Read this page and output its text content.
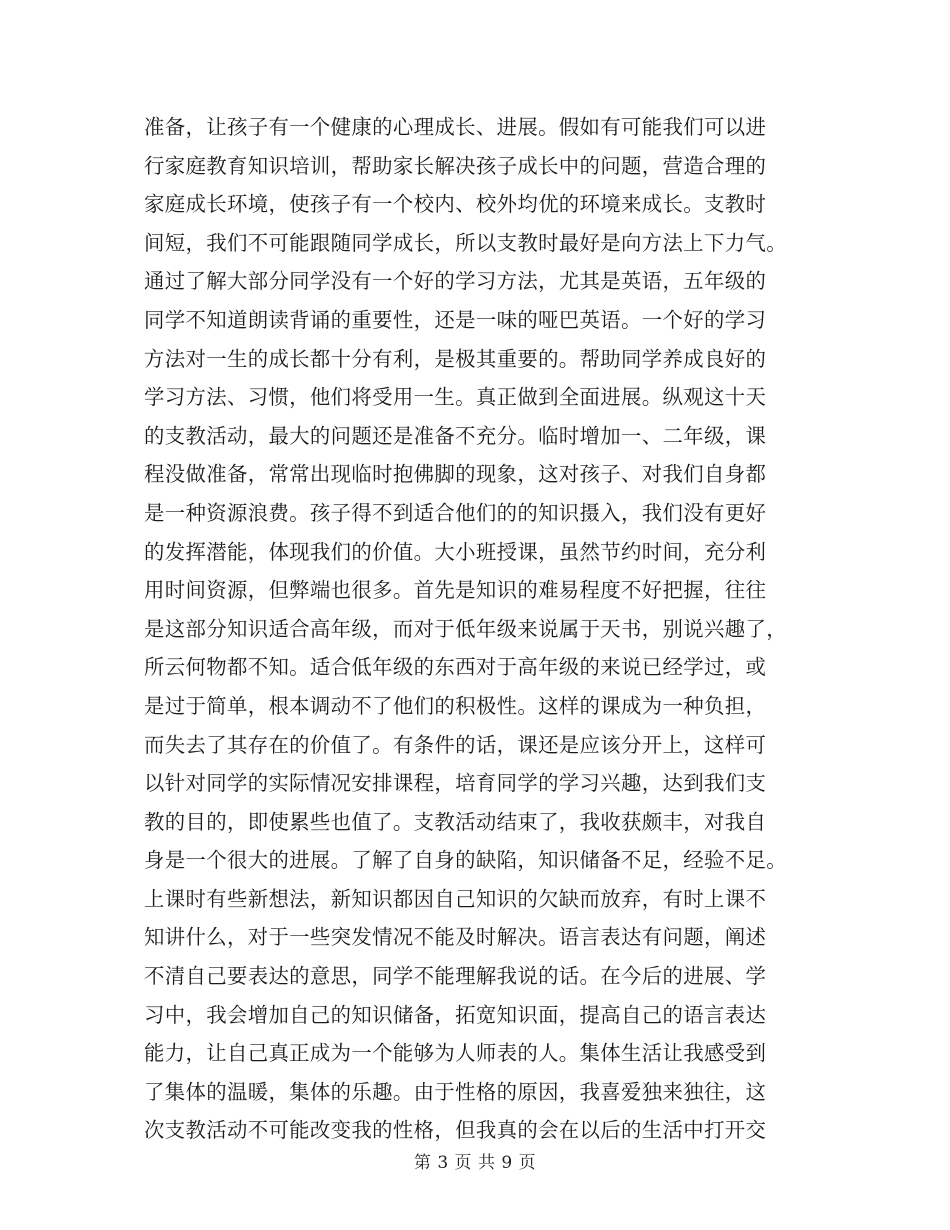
准备，让孩子有一个健康的心理成长、进展。假如有可能我们可以进
行家庭教育知识培训，帮助家长解决孩子成长中的问题，营造合理的
家庭成长环境，使孩子有一个校内、校外均优的环境来成长。支教时
间短，我们不可能跟随同学成长，所以支教时最好是向方法上下力气。
通过了解大部分同学没有一个好的学习方法，尤其是英语，五年级的
同学不知道朗读背诵的重要性，还是一味的哑巴英语。一个好的学习
方法对一生的成长都十分有利，是极其重要的。帮助同学养成良好的
学习方法、习惯，他们将受用一生。真正做到全面进展。纵观这十天
的支教活动，最大的问题还是准备不充分。临时增加一、二年级，课
程没做准备，常常出现临时抱佛脚的现象，这对孩子、对我们自身都
是一种资源浪费。孩子得不到适合他们的的知识摄入，我们没有更好
的发挥潜能，体现我们的价值。大小班授课，虽然节约时间，充分利
用时间资源，但弊端也很多。首先是知识的难易程度不好把握，往往
是这部分知识适合高年级，而对于低年级来说属于天书，别说兴趣了，
所云何物都不知。适合低年级的东西对于高年级的来说已经学过，或
是过于简单，根本调动不了他们的积极性。这样的课成为一种负担，
而失去了其存在的价值了。有条件的话，课还是应该分开上，这样可
以针对同学的实际情况安排课程，培育同学的学习兴趣，达到我们支
教的目的，即使累些也值了。支教活动结束了，我收获颇丰，对我自
身是一个很大的进展。了解了自身的缺陷，知识储备不足，经验不足。
上课时有些新想法，新知识都因自己知识的欠缺而放弃，有时上课不
知讲什么，对于一些突发情况不能及时解决。语言表达有问题，阐述
不清自己要表达的意思，同学不能理解我说的话。在今后的进展、学
习中，我会增加自己的知识储备，拓宽知识面，提高自己的语言表达
能力，让自己真正成为一个能够为人师表的人。集体生活让我感受到
了集体的温暖，集体的乐趣。由于性格的原因，我喜爱独来独往，这
次支教活动不可能改变我的性格，但我真的会在以后的生活中打开交
第 3 页 共 9 页
